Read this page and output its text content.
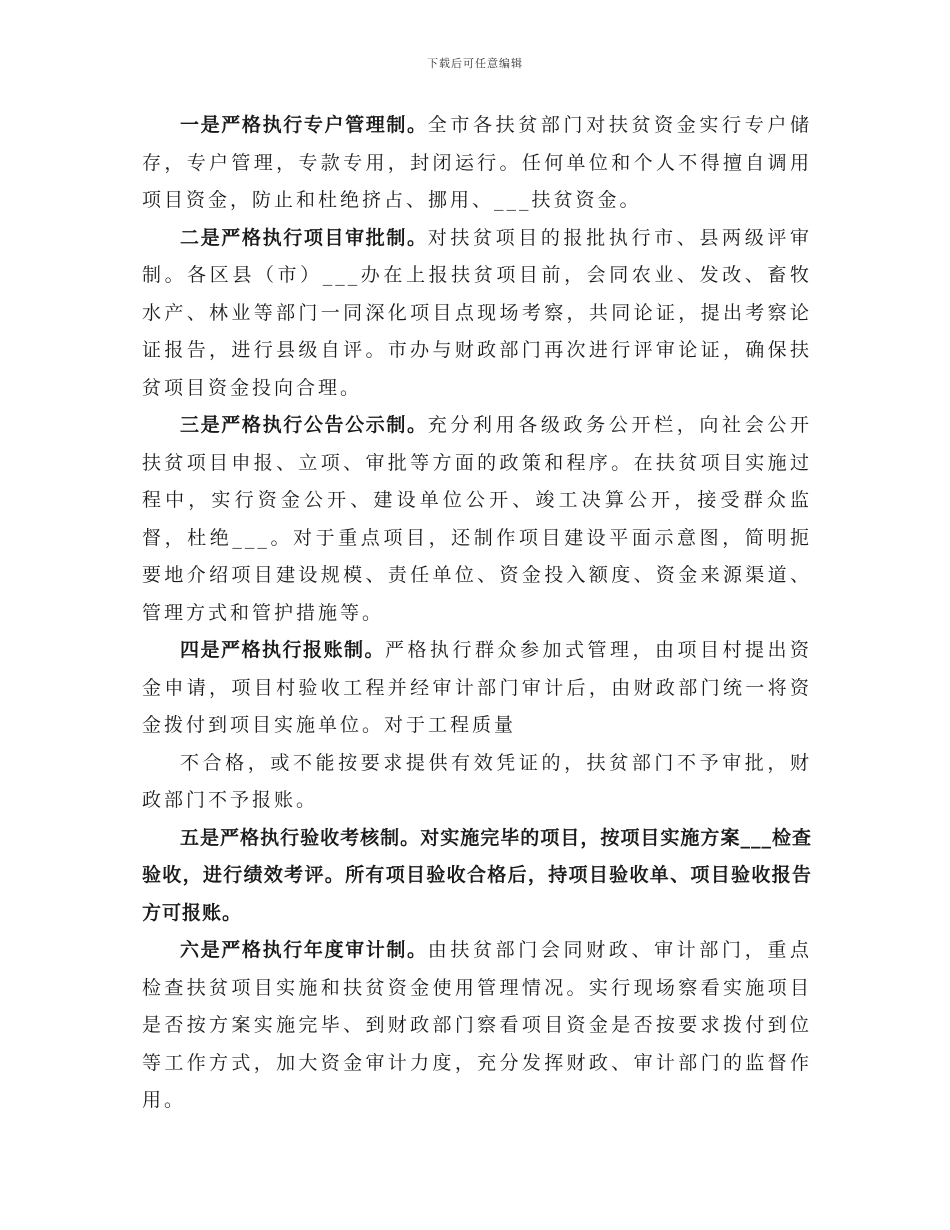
下载后可任意编辑

一是严格执行专户管理制。全市各扶贫部门对扶贫资金实行专户储存，专户管理，专款专用，封闭运行。任何单位和个人不得擅自调用项目资金，防止和杜绝挤占、挪用、___扶贫资金。

二是严格执行项目审批制。对扶贫项目的报批执行市、县两级评审制。各区县（市）___办在上报扶贫项目前，会同农业、发改、畜牧水产、林业等部门一同深化项目点现场考察，共同论证，提出考察论证报告，进行县级自评。市办与财政部门再次进行评审论证，确保扶贫项目资金投向合理。

三是严格执行公告公示制。充分利用各级政务公开栏，向社会公开扶贫项目申报、立项、审批等方面的政策和程序。在扶贫项目实施过程中，实行资金公开、建设单位公开、竣工决算公开，接受群众监督，杜绝___。对于重点项目，还制作项目建设平面示意图，简明扼要地介绍项目建设规模、责任单位、资金投入额度、资金来源渠道、管理方式和管护措施等。

四是严格执行报账制。严格执行群众参加式管理，由项目村提出资金申请，项目村验收工程并经审计部门审计后，由财政部门统一将资金拨付到项目实施单位。对于工程质量

不合格，或不能按要求提供有效凭证的，扶贫部门不予审批，财政部门不予报账。

五是严格执行验收考核制。对实施完毕的项目，按项目实施方案___检查验收，进行绩效考评。所有项目验收合格后，持项目验收单、项目验收报告方可报账。

六是严格执行年度审计制。由扶贫部门会同财政、审计部门，重点检查扶贫项目实施和扶贫资金使用管理情况。实行现场察看实施项目是否按方案实施完毕、到财政部门察看项目资金是否按要求拨付到位等工作方式，加大资金审计力度，充分发挥财政、审计部门的监督作用。
